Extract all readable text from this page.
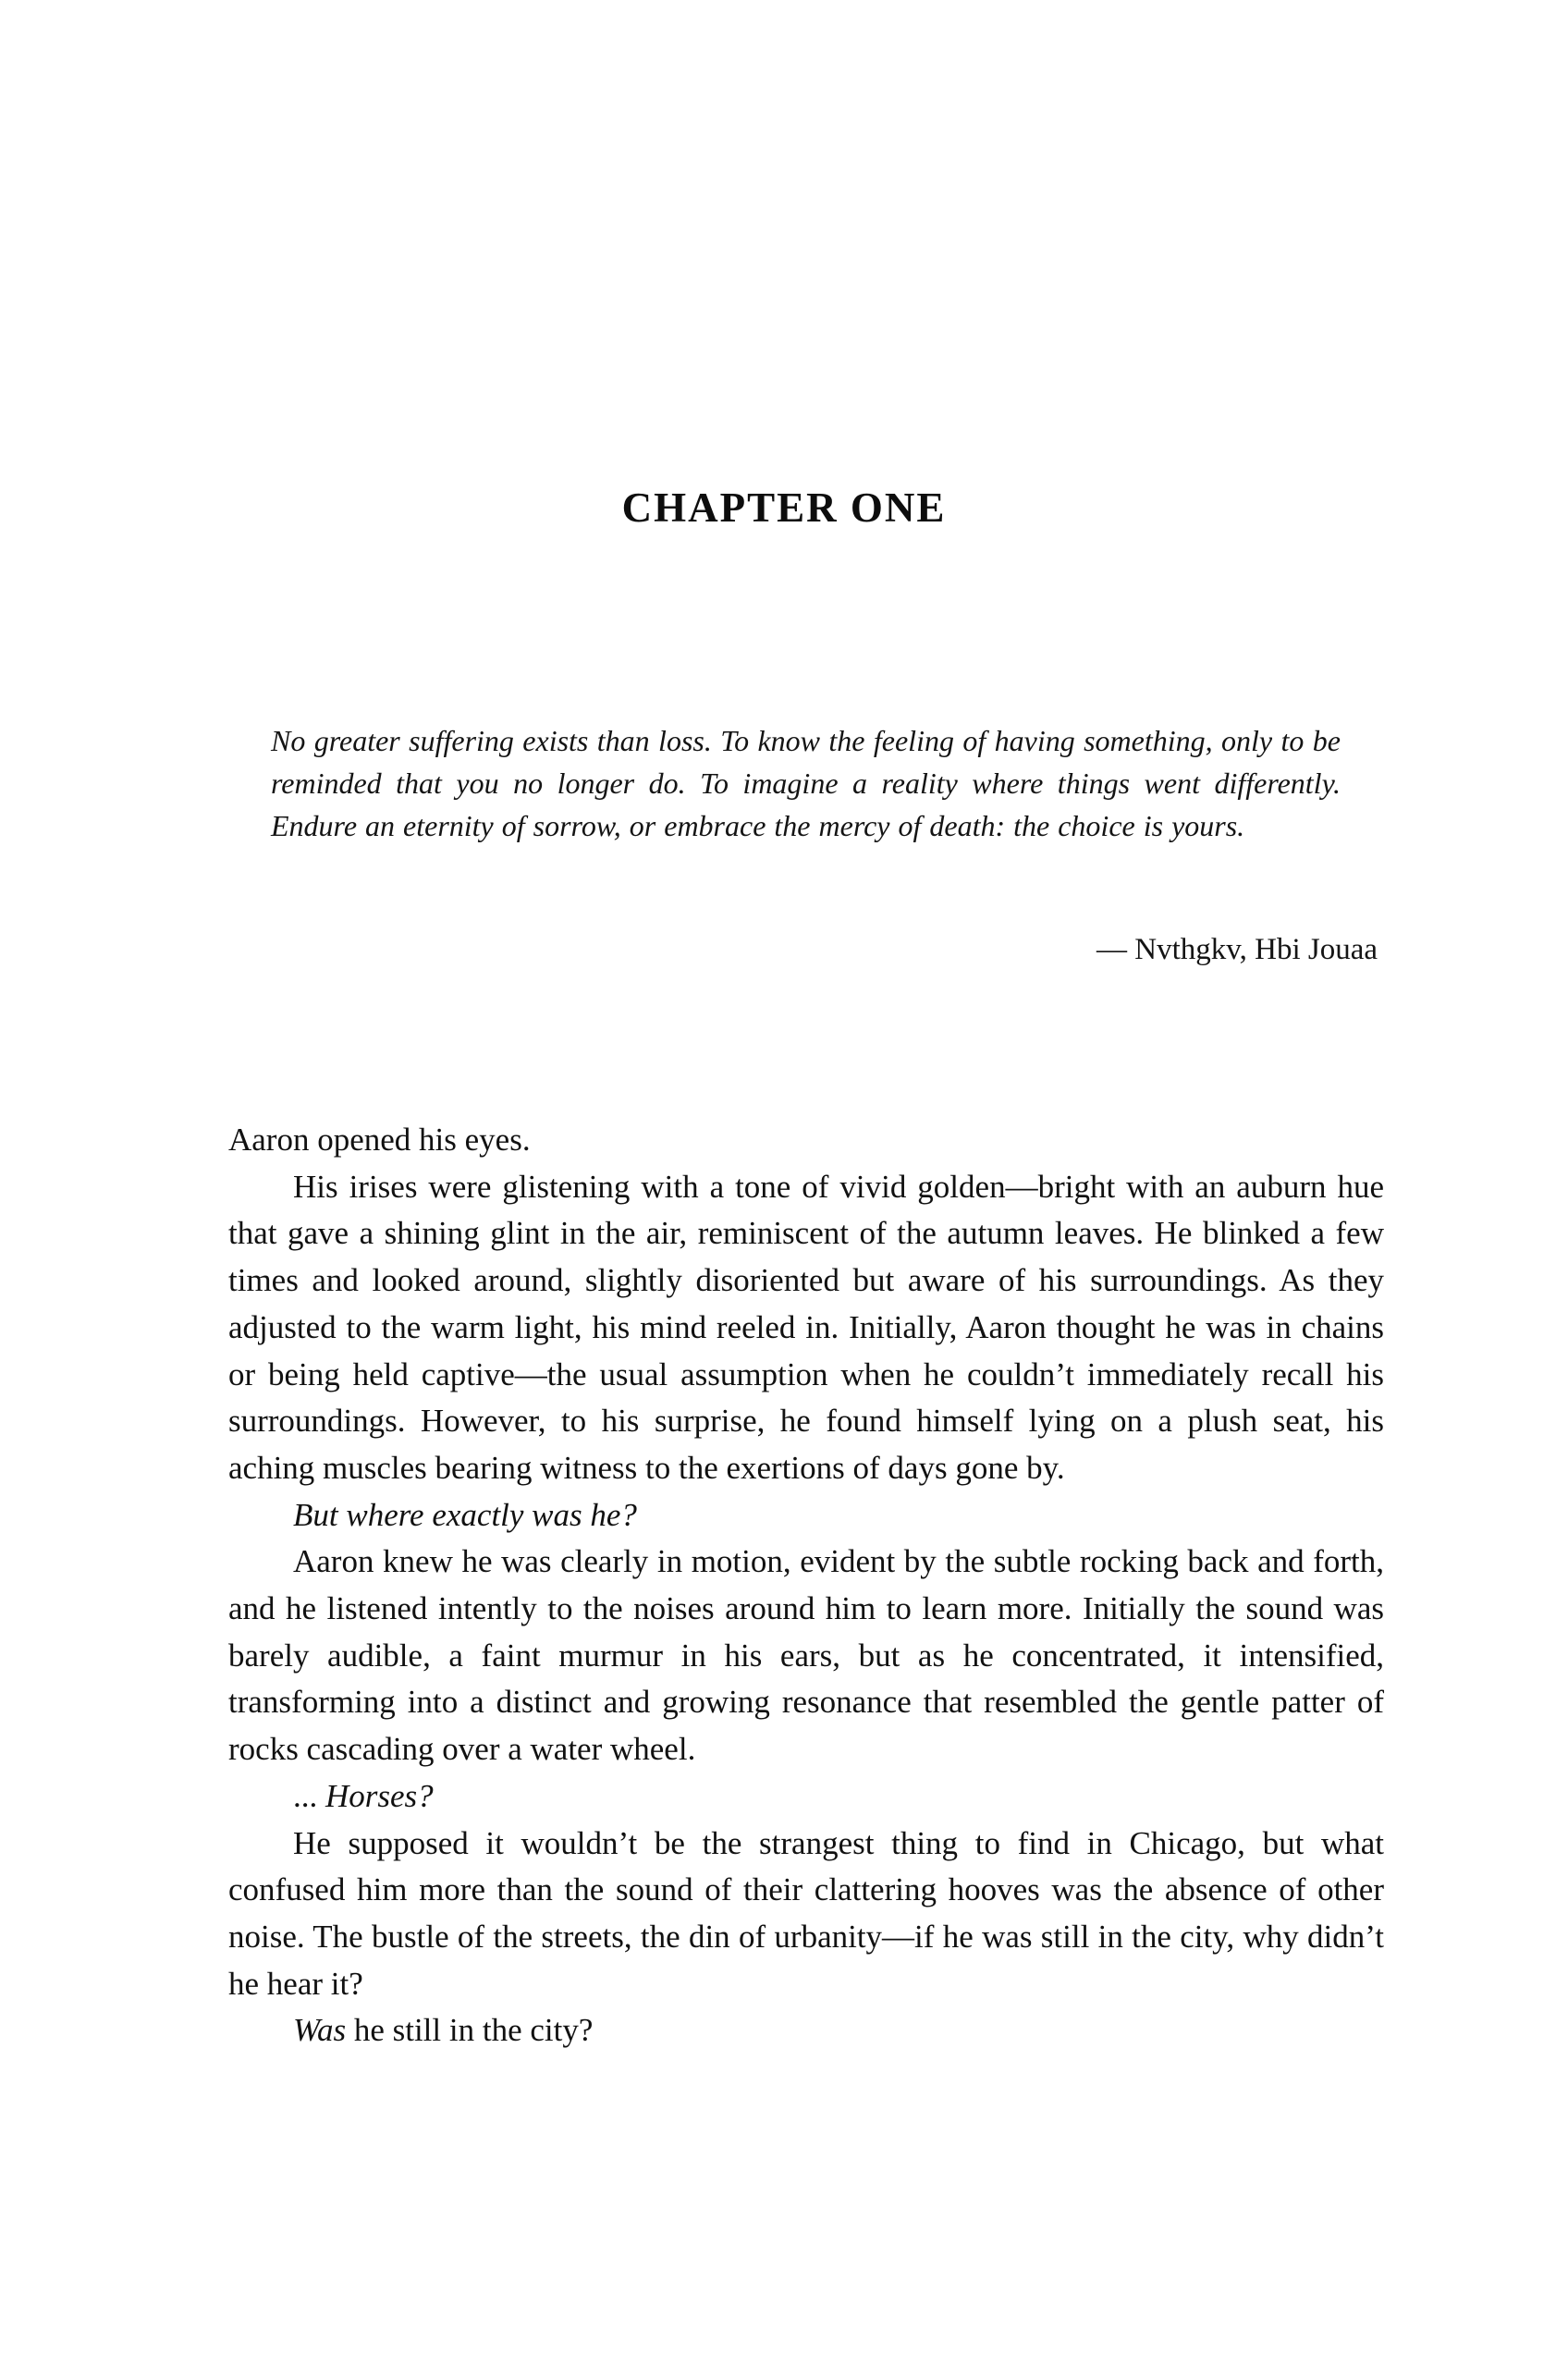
CHAPTER ONE

No greater suffering exists than loss. To know the feeling of having something, only to be reminded that you no longer do. To imagine a reality where things went differently. Endure an eternity of sorrow, or embrace the mercy of death: the choice is yours.

— Nvthgkv, Hbi Jouaa

Aaron opened his eyes.

His irises were glistening with a tone of vivid golden—bright with an auburn hue that gave a shining glint in the air, reminiscent of the autumn leaves. He blinked a few times and looked around, slightly disoriented but aware of his surroundings. As they adjusted to the warm light, his mind reeled in. Initially, Aaron thought he was in chains or being held captive—the usual assumption when he couldn’t immediately recall his surroundings. However, to his surprise, he found himself lying on a plush seat, his aching muscles bearing witness to the exertions of days gone by.

But where exactly was he?

Aaron knew he was clearly in motion, evident by the subtle rocking back and forth, and he listened intently to the noises around him to learn more. Initially the sound was barely audible, a faint murmur in his ears, but as he concentrated, it intensified, transforming into a distinct and growing resonance that resembled the gentle patter of rocks cascading over a water wheel.

... Horses?

He supposed it wouldn’t be the strangest thing to find in Chicago, but what confused him more than the sound of their clattering hooves was the absence of other noise. The bustle of the streets, the din of urbanity—if he was still in the city, why didn’t he hear it?

Was he still in the city?
